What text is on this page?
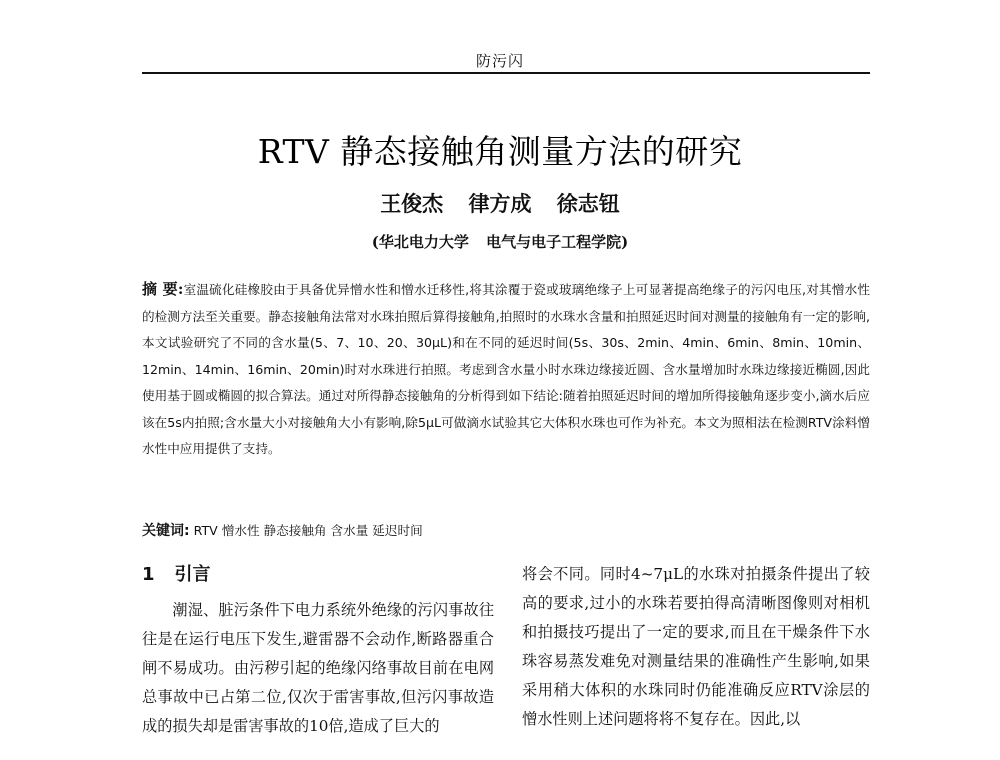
防污闪
RTV 静态接触角测量方法的研究
王俊杰 律方成 徐志钮
(华北电力大学 电气与电子工程学院)
摘 要:室温硫化硅橡胶由于具备优异憎水性和憎水迁移性,将其涂覆于瓷或玻璃绝缘子上可显著提高绝缘子的污闪电压,对其憎水性的检测方法至关重要。静态接触角法常对水珠拍照后算得接触角,拍照时的水珠水含量和拍照延迟时间对测量的接触角有一定的影响,本文试验研究了不同的含水量(5、7、10、20、30μL)和在不同的延迟时间(5s、30s、2min、4min、6min、8min、10min、12min、14min、16min、20min)时对水珠进行拍照。考虑到含水量小时水珠边缘接近圆、含水量增加时水珠边缘接近椭圆,因此使用基于圆或椭圆的拟合算法。通过对所得静态接触角的分析得到如下结论:随着拍照延迟时间的增加所得接触角逐步变小,滴水后应该在5s内拍照;含水量大小对接触角大小有影响,除5μL可做滴水试验其它大体积水珠也可作为补充。本文为照相法在检测RTV涂料憎水性中应用提供了支持。
关键词: RTV 憎水性 静态接触角 含水量 延迟时间
1 引言
潮湿、脏污条件下电力系统外绝缘的污闪事故往往是在运行电压下发生,避雷器不会动作,断路器重合闸不易成功。由污秽引起的绝缘闪络事故目前在电网总事故中已占第二位,仅次于雷害事故,但污闪事故造成的损失却是雷害事故的10倍,造成了巨大的
将会不同。同时4~7μL的水珠对拍摄条件提出了较高的要求,过小的水珠若要拍得高清晰图像则对相机和拍摄技巧提出了一定的要求,而且在干燥条件下水珠容易蒸发难免对测量结果的准确性产生影响,如果采用稍大体积的水珠同时仍能准确反应RTV涂层的憎水性则上述问题将将不复存在。因此,以
